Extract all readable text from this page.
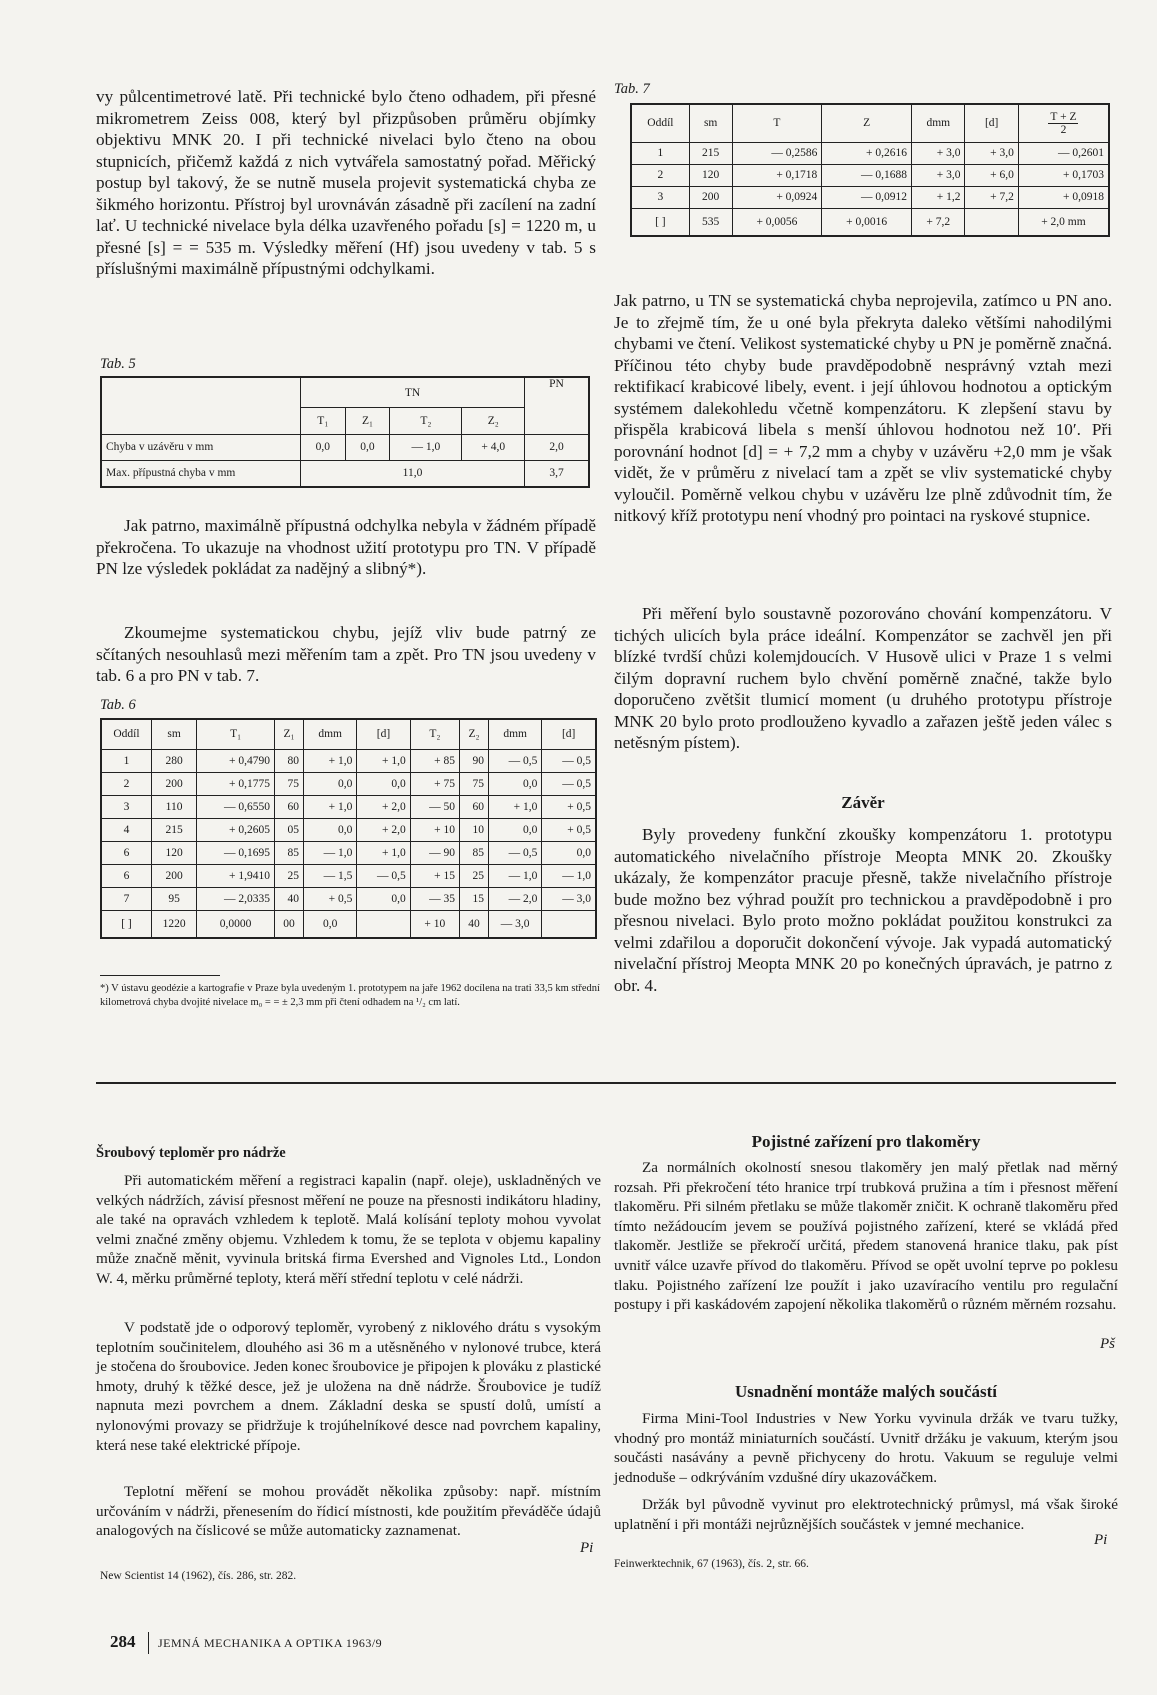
vy půlcentimetrové latě. Při technické bylo čteno odhadem, při přesné mikrometrem Zeiss 008, který byl přizpůsoben průměru objímky objektivu MNK 20. I při technické nivelaci bylo čteno na obou stupnicích, přičemž každá z nich vytvářela samostatný pořad. Měřický postup byl takový, že se nutně musela projevit systematická chyba ze šikmého horizontu. Přístroj byl urovnáván zásadně při zacílení na zadní lať. U technické nivelace byla délka uzavřeného pořadu [s] = 1220 m, u přesné [s] = = 535 m. Výsledky měření (Hf) jsou uvedeny v tab. 5 s příslušnými maximálně přípustnými odchylkami.

Tab. 5
	TN				PN
	T₁	Z₁	T₂	Z₂	
Chyba v uzávěru v mm	0,0	0,0	— 1,0	+ 4,0	2,0
Max. přípustná chyba v mm	11,0				3,7

Jak patrno, maximálně přípustná odchylka nebyla v žádném případě překročena. To ukazuje na vhodnost užití prototypu pro TN. V případě PN lze výsledek pokládat za nadějný a slibný*).

Zkoumejme systematickou chybu, jejíž vliv bude patrný ze sčítaných nesouhlasů mezi měřením tam a zpět. Pro TN jsou uvedeny v tab. 6 a pro PN v tab. 7.

Tab. 6
Oddíl	sm	T₁	Z₁	dmm	[d]	T₂	Z₂	dmm	[d]
1	280	+ 0,4790	80	+ 1,0	+ 1,0	+ 85	90	— 0,5	— 0,5
2	200	+ 0,1775	75	0,0	0,0	+ 75	75	0,0	— 0,5
3	110	— 0,6550	60	+ 1,0	+ 2,0	— 50	60	+ 1,0	+ 0,5
4	215	+ 0,2605	05	0,0	+ 2,0	+ 10	10	0,0	+ 0,5
6	120	— 0,1695	85	— 1,0	+ 1,0	— 90	85	— 0,5	0,0
6	200	+ 1,9410	25	— 1,5	— 0,5	+ 15	25	— 1,0	— 1,0
7	95	— 2,0335	40	+ 0,5	0,0	— 35	15	— 2,0	— 3,0
[ ]	1220	0,0000	00	0,0		+ 10	40	— 3,0	

*) V ústavu geodézie a kartografie v Praze byla uvedeným 1. prototypem na jaře 1962 docílena na trati 33,5 km střední kilometrová chyba dvojité nivelace m₀ = = ± 2,3 mm při čtení odhadem na ¹/₂ cm latí.

Tab. 7
Oddíl	sm	T	Z	dmm	[d]	T + Z
2
1	215	— 0,2586	+ 0,2616	+ 3,0	+ 3,0	— 0,2601
2	120	+ 0,1718	— 0,1688	+ 3,0	+ 6,0	+ 0,1703
3	200	+ 0,0924	— 0,0912	+ 1,2	+ 7,2	+ 0,0918
[ ]	535	+ 0,0056	+ 0,0016	+ 7,2		+ 2,0 mm

Jak patrno, u TN se systematická chyba neprojevila, zatímco u PN ano. Je to zřejmě tím, že u oné byla překryta daleko většími nahodilými chybami ve čtení. Velikost systematické chyby u PN je poměrně značná. Příčinou této chyby bude pravděpodobně nesprávný vztah mezi rektifikací krabicové libely, event. i její úhlovou hodnotou a optickým systémem dalekohledu včetně kompenzátoru. K zlepšení stavu by přispěla krabicová libela s menší úhlovou hodnotou než 10′. Při porovnání hodnot [d] = + 7,2 mm a chyby v uzávěru +2,0 mm je však vidět, že v průměru z nivelací tam a zpět se vliv systematické chyby vyloučil. Poměrně velkou chybu v uzávěru lze plně zdůvodnit tím, že nitkový kříž prototypu není vhodný pro pointaci na ryskové stupnice.

Při měření bylo soustavně pozorováno chování kompenzátoru. V tichých ulicích byla práce ideální. Kompenzátor se zachvěl jen při blízké tvrdší chůzi kolemjdoucích. V Husově ulici v Praze 1 s velmi čilým dopravní ruchem bylo chvění poměrně značné, takže bylo doporučeno zvětšit tlumicí moment (u druhého prototypu přístroje MNK 20 bylo proto prodlouženo kyvadlo a zařazen ještě jeden válec s netěsným pístem).

Závěr

Byly provedeny funkční zkoušky kompenzátoru 1. prototypu automatického nivelačního přístroje Meopta MNK 20. Zkoušky ukázaly, že kompenzátor pracuje přesně, takže nivelačního přístroje bude možno bez výhrad použít pro technickou a pravděpodobně i pro přesnou nivelaci. Bylo proto možno pokládat použitou konstrukci za velmi zdařilou a doporučit dokončení vývoje. Jak vypadá automatický nivelační přístroj Meopta MNK 20 po konečných úpravách, je patrno z obr. 4.

Šroubový teploměr pro nádrže

Při automatickém měření a registraci kapalin (např. oleje), uskladněných ve velkých nádržích, závisí přesnost měření ne pouze na přesnosti indikátoru hladiny, ale také na opravách vzhledem k teplotě. Malá kolísání teploty mohou vyvolat velmi značné změny objemu. Vzhledem k tomu, že se teplota v objemu kapaliny může značně měnit, vyvinula britská firma Evershed and Vignoles Ltd., London W. 4, měrku průměrné teploty, která měří střední teplotu v celé nádrži.

V podstatě jde o odporový teploměr, vyrobený z niklového drátu s vysokým teplotním součinitelem, dlouhého asi 36 m a utěsněného v nylonové trubce, která je stočena do šroubovice. Jeden konec šroubovice je připojen k plováku z plastické hmoty, druhý k těžké desce, jež je uložena na dně nádrže. Šroubovice je tudíž napnuta mezi povrchem a dnem. Základní deska se spustí dolů, umístí a nylonovými provazy se přidržuje k trojúhelníkové desce nad povrchem kapaliny, která nese také elektrické přípoje.

Teplotní měření se mohou provádět několika způsoby: např. místním určováním v nádrži, přenesením do řídicí místnosti, kde použitím převáděče údajů analogových na číslicové se může automaticky zaznamenat.

Pi
New Scientist 14 (1962), čís. 286, str. 282.
Pojistné zařízení pro tlakoměry

Za normálních okolností snesou tlakoměry jen malý přetlak nad měrný rozsah. Při překročení této hranice trpí trubková pružina a tím i přesnost měření tlakoměru. Při silném přetlaku se může tlakoměr zničit. K ochraně tlakoměru před tímto nežádoucím jevem se používá pojistného zařízení, které se vkládá před tlakoměr. Jestliže se překročí určitá, předem stanovená hranice tlaku, pak píst uvnitř válce uzavře přívod do tlakoměru. Přívod se opět uvolní teprve po poklesu tlaku. Pojistného zařízení lze použít i jako uzavíracího ventilu pro regulační postupy i při kaskádovém zapojení několika tlakoměrů o různém měrném rozsahu.

Pš
Usnadnění montáže malých součástí

Firma Mini-Tool Industries v New Yorku vyvinula držák ve tvaru tužky, vhodný pro montáž miniaturních součástí. Uvnitř držáku je vakuum, kterým jsou součásti nasávány a pevně přichyceny do hrotu. Vakuum se reguluje velmi jednoduše – odkrýváním vzdušné díry ukazováčkem.

Držák byl původně vyvinut pro elektrotechnický průmysl, má však široké uplatnění i při montáži nejrůznějších součástek v jemné mechanice.

Pi
Feinwerktechnik, 67 (1963), čís. 2, str. 66.
284 JEMNÁ MECHANIKA A OPTIKA 1963/9
